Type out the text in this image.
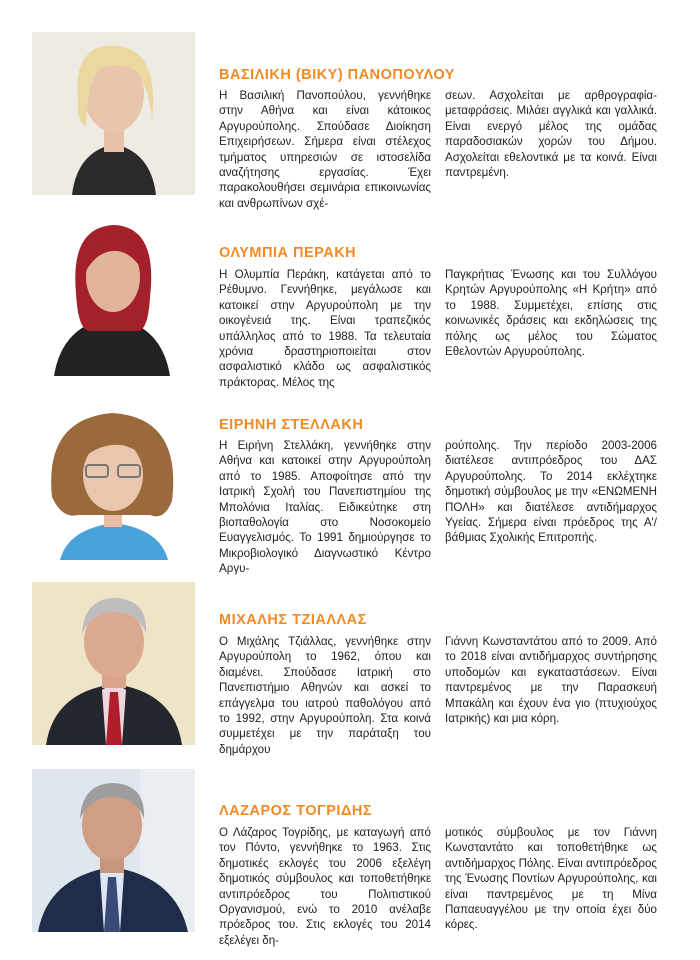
ΒΑΣΙΛΙΚΗ (ΒΙΚΥ) ΠΑΝΟΠΟΥΛΟΥ
Η Βασιλική Πανοπούλου, γεννήθηκε στην Αθήνα και είναι κάτοικος Αργυρούπολης. Σπούδασε Διοίκηση Επιχειρήσεων. Σήμερα είναι στέλεχος τμήματος υπηρεσιών σε ιστοσελίδα αναζήτησης εργασίας. Έχει παρακολουθήσει σεμινάρια επικοινωνίας και ανθρωπίνων σχέ-
σεων. Ασχολείται με αρθρογραφία-μεταφράσεις. Μιλάει αγγλικά και γαλλικά. Είναι ενεργό μέλος της ομάδας παραδοσιακών χορών του Δήμου. Ασχολείται εθελοντικά με τα κοινά. Είναι παντρεμένη.
ΟΛΥΜΠΙΑ ΠΕΡΑΚΗ
Η Ολυμπία Περάκη, κατάγεται από το Ρέθυμνο. Γεννήθηκε, μεγάλωσε και κατοικεί στην Αργυρούπολη με την οικογένειά της. Είναι τραπεζικός υπάλληλος από το 1988. Τα τελευταία χρόνια δραστηριοποιείται στον ασφαλιστικό κλάδο ως ασφαλιστικός πράκτορας. Μέλος της
Παγκρήτιας Ένωσης και του Συλλόγου Κρητών Αργυρούπολης «Η Κρήτη» από το 1988. Συμμετέχει, επίσης στις κοινωνικές δράσεις και εκδηλώσεις της πόλης ως μέλος του Σώματος Εθελοντών Αργυρούπολης.
ΕΙΡΗΝΗ ΣΤΕΛΛΑΚΗ
Η Ειρήνη Στελλάκη, γεννήθηκε στην Αθήνα και κατοικεί στην Αργυρούπολη από το 1985. Αποφοίτησε από την Ιατρική Σχολή του Πανεπιστημίου της Μπολόνια Ιταλίας. Ειδικεύτηκε στη βιοπαθολογία στο Νοσοκομείο Ευαγγελισμός. Το 1991 δημιούργησε το Μικροβιολογικό Διαγνωστικό Κέντρο Αργυ-
ρούπολης. Την περίοδο 2003-2006 διατέλεσε αντιπρόεδρος του ΔΑΣ Αργυρούπολης. Το 2014 εκλέχτηκε δημοτική σύμβουλος με την «ΕΝΩΜΕΝΗ ΠΟΛΗ» και διατέλεσε αντιδήμαρχος Υγείας. Σήμερα είναι πρόεδρος της Α'/βάθμιας Σχολικής Επιτροπής.
ΜΙΧΑΛΗΣ ΤΖΙΑΛΛΑΣ
Ο Μιχάλης Τζιάλλας, γεννήθηκε στην Αργυρούπολη το 1962, όπου και διαμένει. Σπούδασε Ιατρική στο Πανεπιστήμιο Αθηνών και ασκεί το επάγγελμα του ιατρού παθολόγου από το 1992, στην Αργυρούπολη. Στα κοινά συμμετέχει με την παράταξη του δημάρχου
Γιάννη Κωνσταντάτου από το 2009. Από το 2018 είναι αντιδήμαρχος συντήρησης υποδομών και εγκαταστάσεων. Είναι παντρεμένος με την Παρασκευή Μπακάλη και έχουν ένα γιο (πτυχιούχος Ιατρικής) και μια κόρη.
ΛΑΖΑΡΟΣ ΤΟΓΡΙΔΗΣ
Ο Λάζαρος Τογρίδης, με καταγωγή από τον Πόντο, γεννήθηκε το 1963. Στις δημοτικές εκλογές του 2006 εξελέγη δημοτικός σύμβουλος και τοποθετήθηκε αντιπρόεδρος του Πολιτιστικού Οργανισμού, ενώ το 2010 ανέλαβε πρόεδρος του. Στις εκλογές του 2014 εξελέγει δη-
μοτικός σύμβουλος με τον Γιάννη Κωνσταντάτο και τοποθετήθηκε ως αντιδήμαρχος Πόλης. Είναι αντιπρόεδρος της Ένωσης Ποντίων Αργυρούπολης, και είναι παντρεμένος με τη Μίνα Παπαευαγγέλου με την οποία έχει δύο κόρες.
